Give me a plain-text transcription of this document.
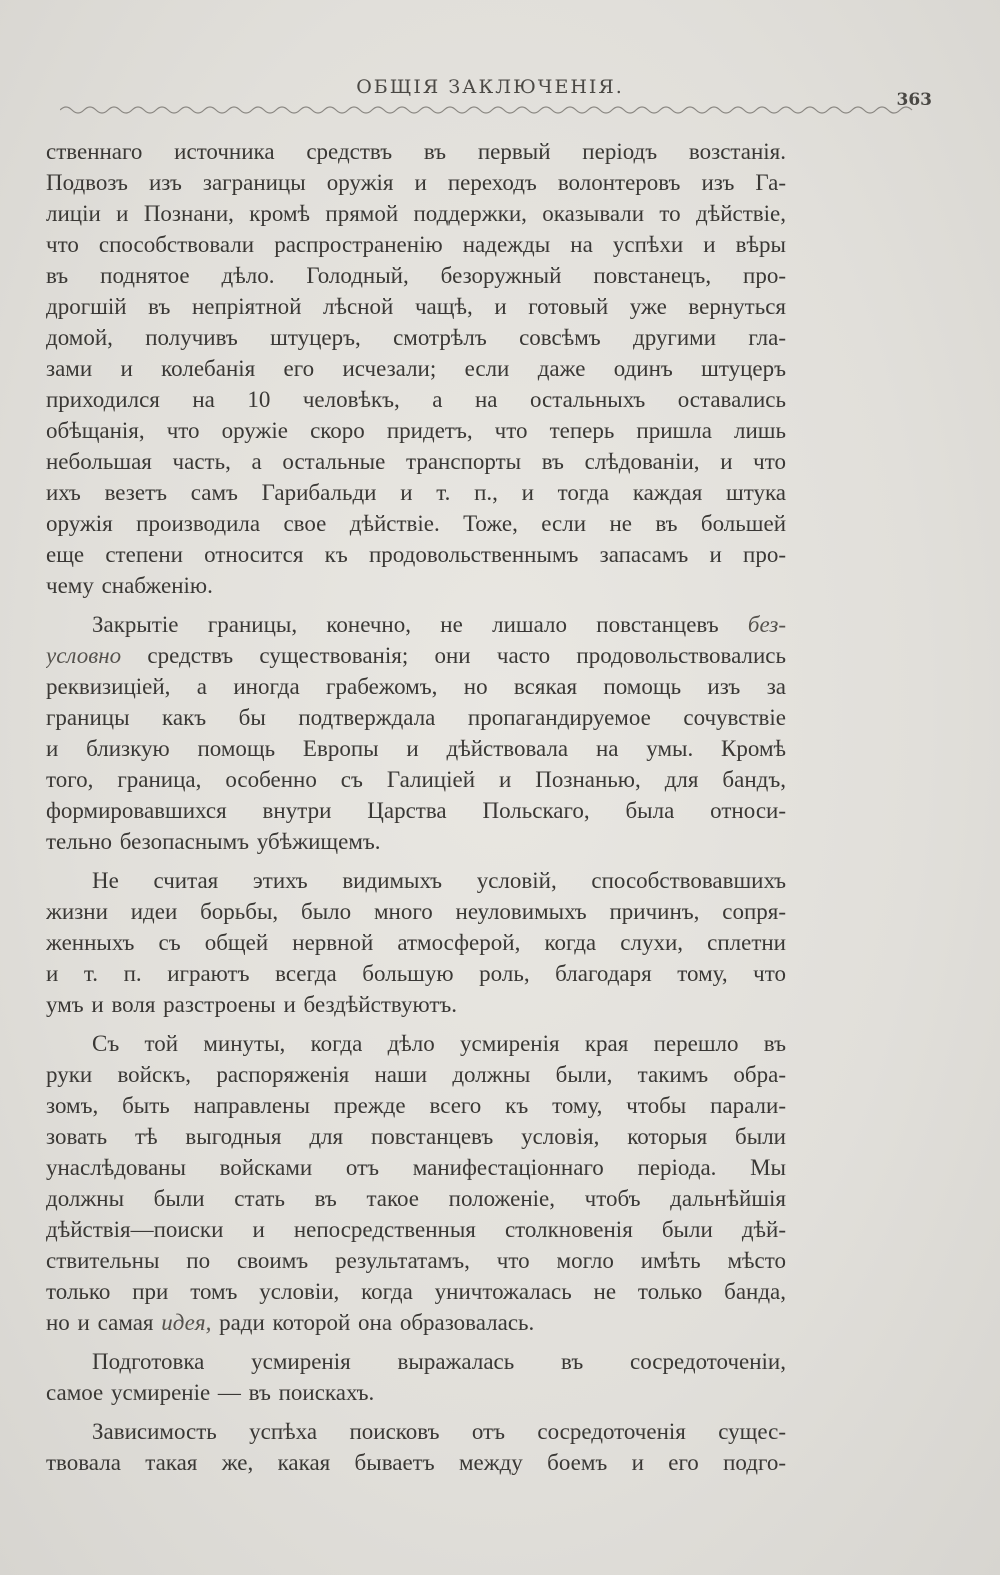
ОБЩІЯ ЗАКЛЮЧЕНІЯ.
363
ственнаго источника средствъ въ первый періодъ возстанія.
Подвозъ изъ заграницы оружія и переходъ волонтеровъ изъ Га-
лиціи и Познани, кромѣ прямой поддержки, оказывали то дѣйствіе,
что способствовали распространенію надежды на успѣхи и вѣры
въ поднятое дѣло. Голодный, безоружный повстанецъ, про-
дрогшій въ непріятной лѣсной чащѣ, и готовый уже вернуться
домой, получивъ штуцеръ, смотрѣлъ совсѣмъ другими гла-
зами и колебанія его исчезали; если даже одинъ штуцеръ
приходился на 10 человѣкъ, а на остальныхъ оставались
обѣщанія, что оружіе скоро придетъ, что теперь пришла лишь
небольшая часть, а остальные транспорты въ слѣдованіи, и что
ихъ везетъ самъ Гарибальди и т. п., и тогда каждая штука
оружія производила свое дѣйствіе. Тоже, если не въ большей
еще степени относится къ продовольственнымъ запасамъ и про-
чему снабженію.
Закрытіе границы, конечно, не лишало повстанцевъ без-
условно средствъ существованія; они часто продовольствовались
реквизиціей, а иногда грабежомъ, но всякая помощь изъ за
границы какъ бы подтверждала пропагандируемое сочувствіе
и близкую помощь Европы и дѣйствовала на умы. Кромѣ
того, граница, особенно съ Галиціей и Познанью, для бандъ,
формировавшихся внутри Царства Польскаго, была относи-
тельно безопаснымъ убѣжищемъ.
Не считая этихъ видимыхъ условій, способствовавшихъ
жизни идеи борьбы, было много неуловимыхъ причинъ, сопря-
женныхъ съ общей нервной атмосферой, когда слухи, сплетни
и т. п. играютъ всегда большую роль, благодаря тому, что
умъ и воля разстроены и бездѣйствуютъ.
Съ той минуты, когда дѣло усмиренія края перешло въ
руки войскъ, распоряженія наши должны были, такимъ обра-
зомъ, быть направлены прежде всего къ тому, чтобы парали-
зовать тѣ выгодныя для повстанцевъ условія, которыя были
унаслѣдованы войсками отъ манифестаціоннаго періода. Мы
должны были стать въ такое положеніе, чтобъ дальнѣйшія
дѣйствія—поиски и непосредственныя столкновенія были дѣй-
ствительны по своимъ результатамъ, что могло имѣть мѣсто
только при томъ условіи, когда уничтожалась не только банда,
но и самая идея, ради которой она образовалась.
Подготовка усмиренія выражалась въ сосредоточеніи,
самое усмиреніе — въ поискахъ.
Зависимость успѣха поисковъ отъ сосредоточенія сущес-
твовала такая же, какая бываетъ между боемъ и его подго-
